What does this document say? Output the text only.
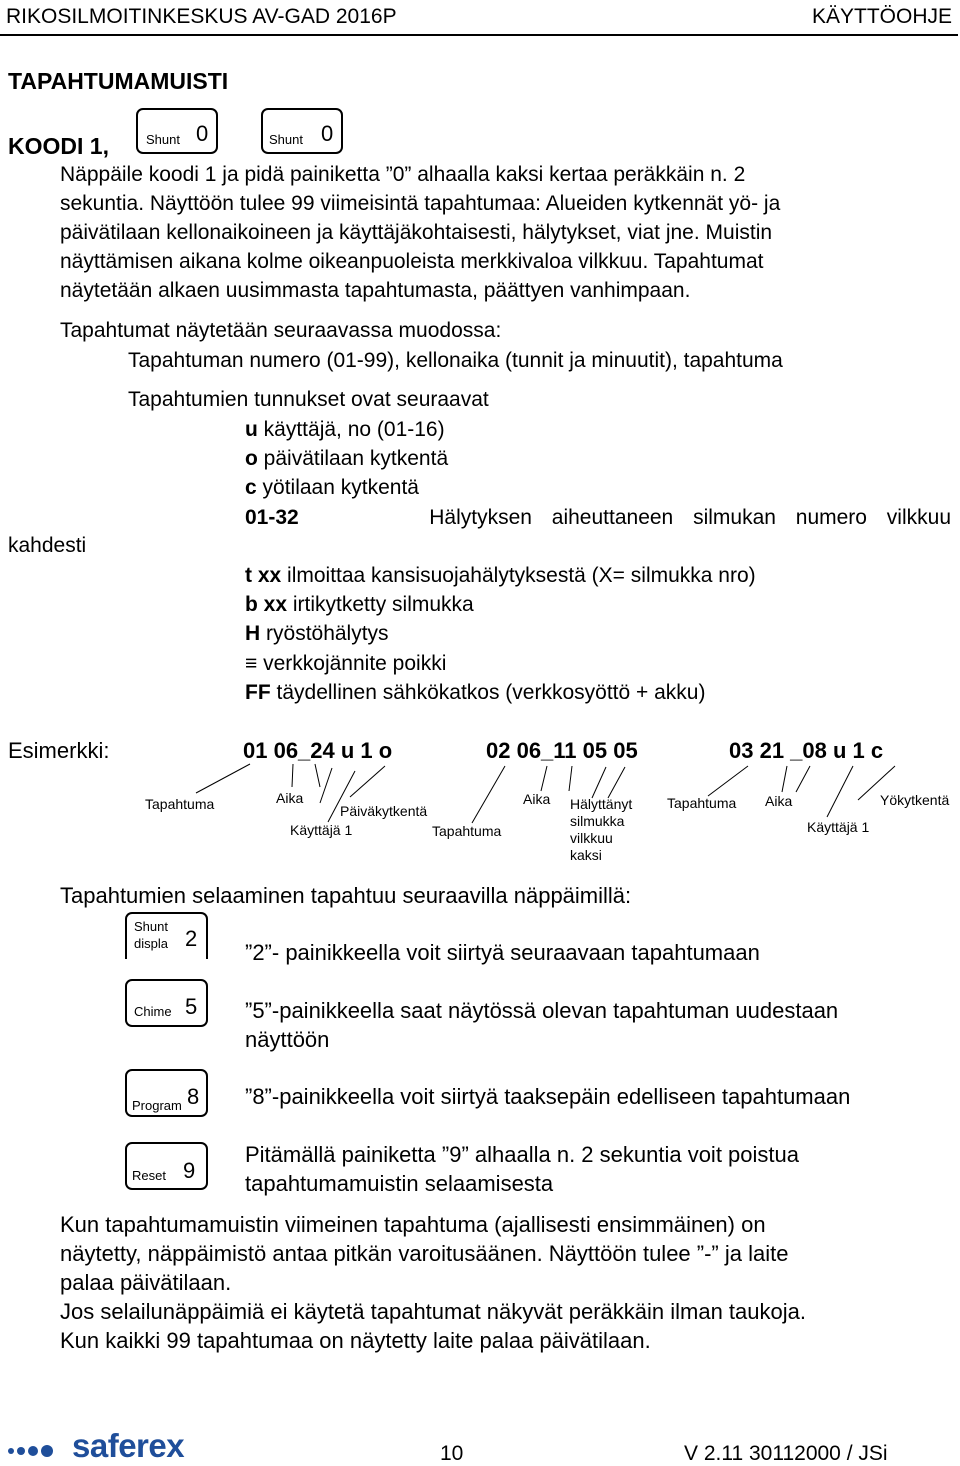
RIKOSILMOITINKESKUS AV-GAD 2016P	KÄYTTÖOHJE
TAPAHTUMAMUISTI
KOODI 1,	Shunt 0	Shunt 0
Näppäile koodi 1 ja pidä painiketta ”0” alhaalla kaksi kertaa peräkkäin n. 2
sekuntia. Näyttöön tulee 99 viimeisintä tapahtumaa: Alueiden kytkennät yö- ja
päivätilaan kellonaikoineen ja käyttäjäkohtaisesti, hälytykset, viat jne. Muistin
näyttämisen aikana kolme oikeanpuoleista merkkivaloa vilkkuu. Tapahtumat
näytetään alkaen uusimmasta tapahtumasta, päättyen vanhimpaan.
Tapahtumat näytetään seuraavassa muodossa:
Tapahtuman numero (01-99), kellonaika (tunnit ja minuutit), tapahtuma
Tapahtumien tunnukset ovat seuraavat
u käyttäjä, no (01-16)
o päivätilaan kytkentä
c yötilaan kytkentä
01-32	Hälytyksen aiheuttaneen silmukan numero vilkkuu
kahdesti
t xx ilmoittaa kansisuojahälytyksestä (X= silmukka nro)
b xx irtikytketty silmukka
H ryöstöhälytys
≡ verkkojännite poikki
FF täydellinen sähkökatkos (verkkosyöttö + akku)
Esimerkki:	01 06_24 u 1 o	02 06_11 05 05	03 21 _08 u 1 c
Tapahtuma	Aika
Päiväkytkentä
Käyttäjä 1	Tapahtuma
Aika Hälyttänyt
silmukka
vilkkuu
kaksi
Tapahtuma Aika
Käyttäjä 1
Yökytkentä
Tapahtumien selaaminen tapahtuu seuraavilla näppäimillä:
Shunt
displa 2
”2”- painikkeella voit siirtyä seuraavaan tapahtumaan
Chime 5 ”5”-painikkeella saat näytössä olevan tapahtuman uudestaan
näyttöön
Program 8 ”8”-painikkeella voit siirtyä taaksepäin edelliseen tapahtumaan
Reset 9
Pitämällä painiketta ”9” alhaalla n. 2 sekuntia voit poistua
tapahtumamuistin selaamisesta
Kun tapahtumamuistin viimeinen tapahtuma (ajallisesti ensimmäinen) on
näytetty, näppäimistö antaa pitkän varoitusäänen. Näyttöön tulee ”-” ja laite
palaa päivätilaan.
Jos selailunäppäimiä ei käytetä tapahtumat näkyvät peräkkäin ilman taukoja.
Kun kaikki 99 tapahtumaa on näytetty laite palaa päivätilaan.
saferex	10	V 2.11 30112000 / JSi
